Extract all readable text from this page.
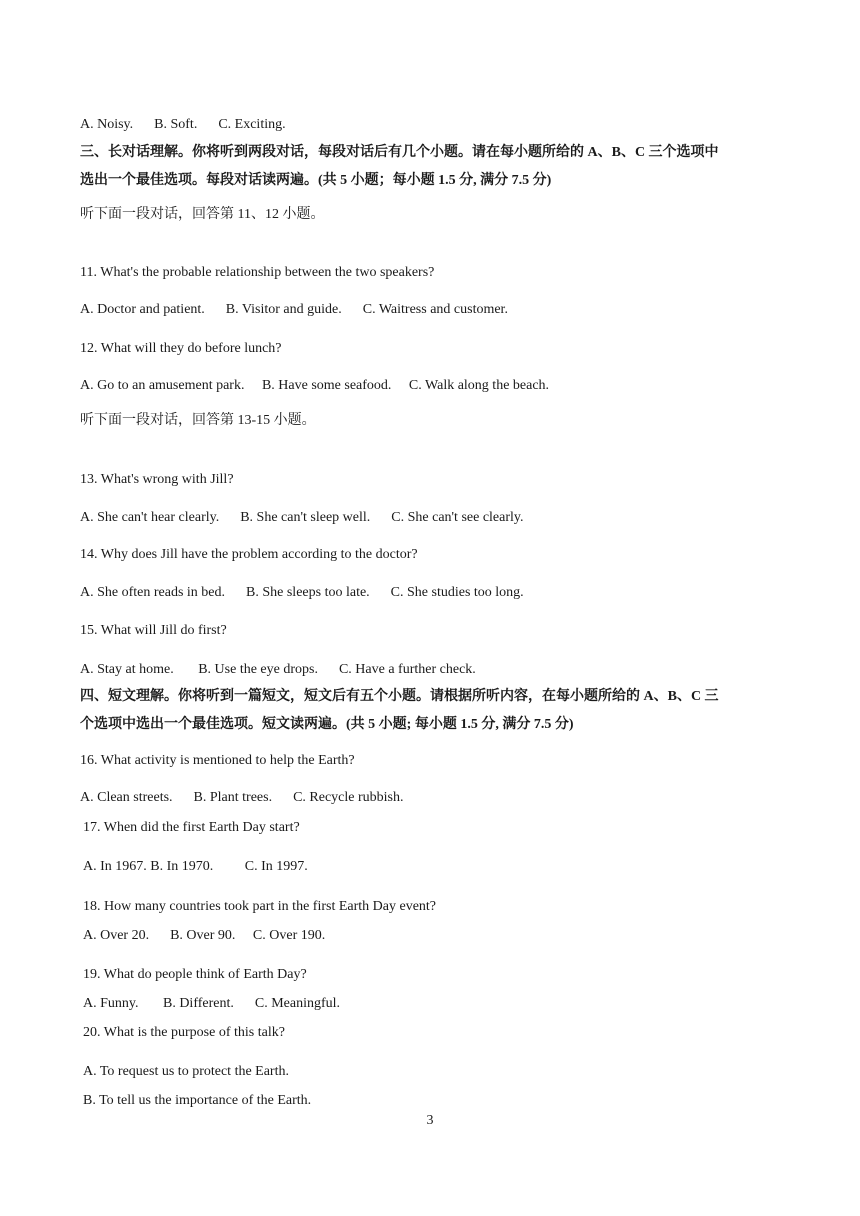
A. Noisy.      B. Soft.      C. Exciting.
三、长对话理解。你将听到两段对话，每段对话后有几个小题。请在每小题所给的 A、B、C 三个选项中
选出一个最佳选项。每段对话读两遍。(共 5 小题；每小题 1.5 分, 满分 7.5 分)
听下面一段对话，回答第 11、12 小题。
11. What's the probable relationship between the two speakers?
A. Doctor and patient.      B. Visitor and guide.      C. Waitress and customer.
12. What will they do before lunch?
A. Go to an amusement park.     B. Have some seafood.     C. Walk along the beach.
听下面一段对话，回答第 13-15 小题。
13. What's wrong with Jill?
A. She can't hear clearly.      B. She can't sleep well.      C. She can't see clearly.
14. Why does Jill have the problem according to the doctor?
A. She often reads in bed.      B. She sleeps too late.      C. She studies too long.
15. What will Jill do first?
A. Stay at home.       B. Use the eye drops.      C. Have a further check.
四、短文理解。你将听到一篇短文，短文后有五个小题。请根据所听内容，在每小题所给的 A、B、C 三
个选项中选出一个最佳选项。短文读两遍。(共 5 小题; 每小题 1.5 分, 满分 7.5 分)
16. What activity is mentioned to help the Earth?
A. Clean streets.      B. Plant trees.      C. Recycle rubbish.
17. When did the first Earth Day start?
A. In 1967. B. In 1970.         C. In 1997.
18. How many countries took part in the first Earth Day event?
A. Over 20.      B. Over 90.     C. Over 190.
19. What do people think of Earth Day?
A. Funny.       B. Different.      C. Meaningful.
20. What is the purpose of this talk?
A. To request us to protect the Earth.
B. To tell us the importance of the Earth.
3
